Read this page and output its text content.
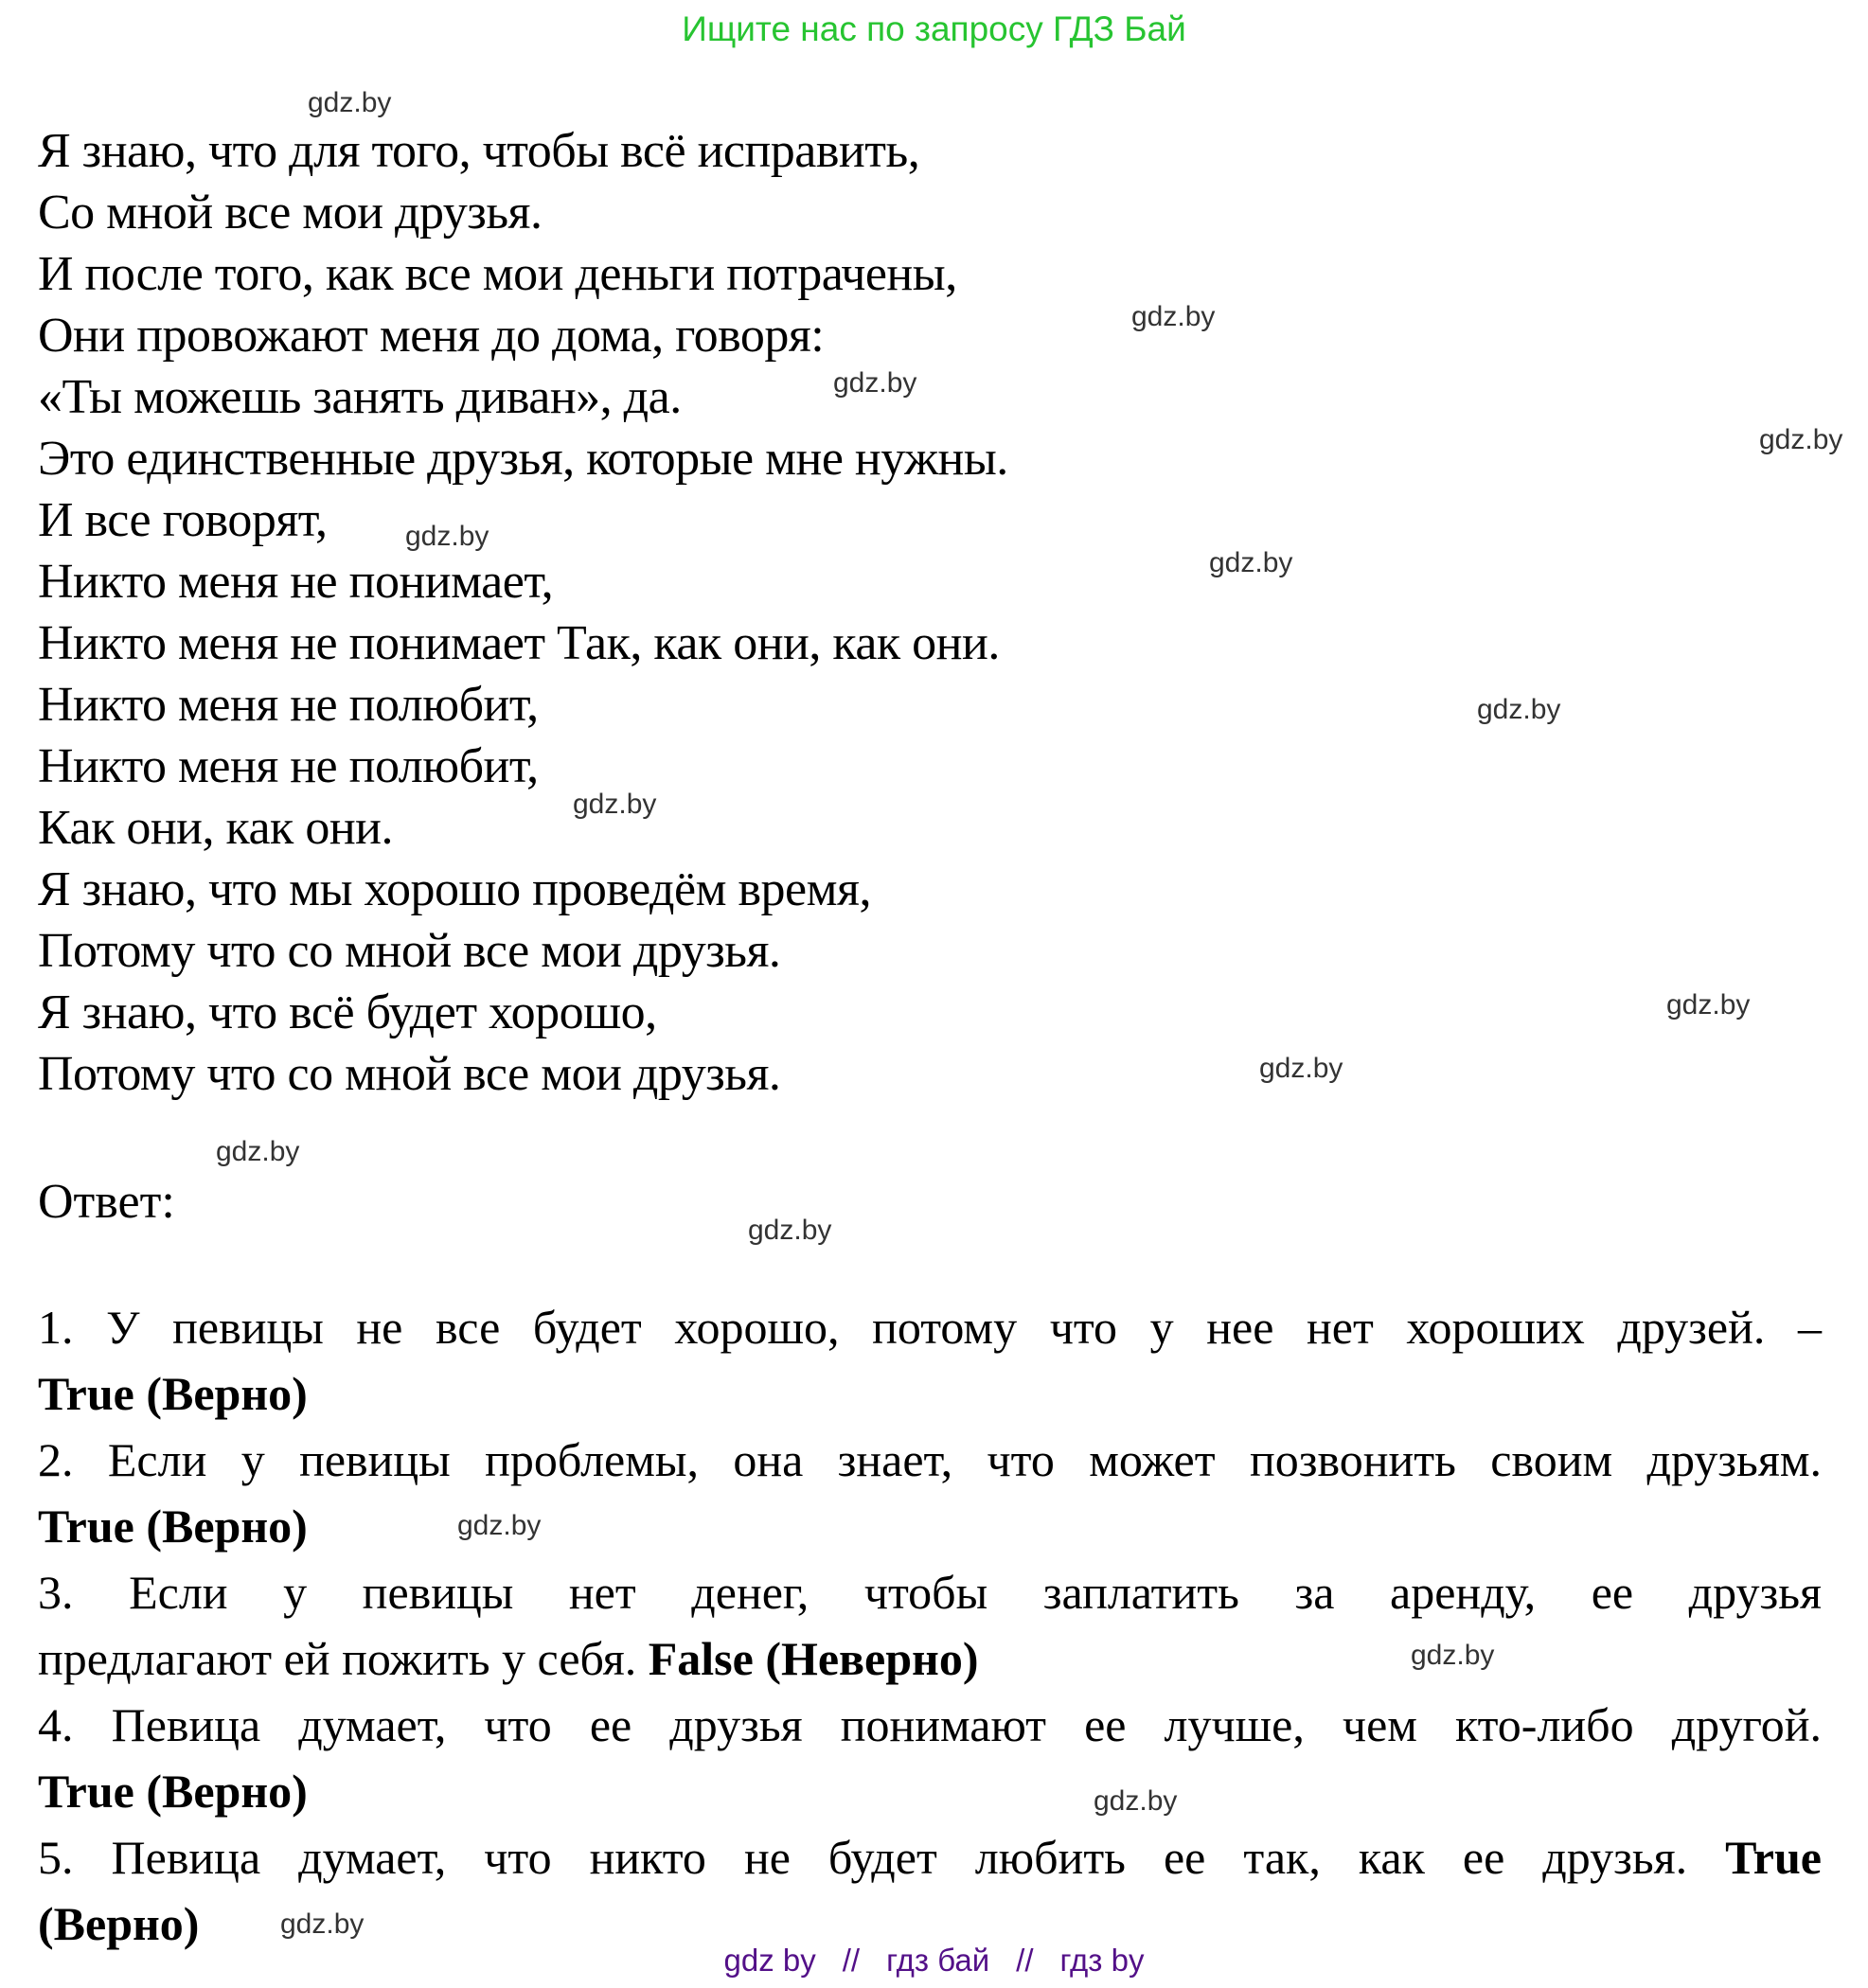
Ищите нас по запросу ГДЗ Бай
Я знаю, что для того, чтобы всё исправить,
Со мной все мои друзья.
И после того, как все мои деньги потрачены,
Они провожают меня до дома, говоря:
«Ты можешь занять диван», да.
Это единственные друзья, которые мне нужны.
И все говорят,
Никто меня не понимает,
Никто меня не понимает Так, как они, как они.
Никто меня не полюбит,
Никто меня не полюбит,
Как они, как они.
Я знаю, что мы хорошо проведём время,
Потому что со мной все мои друзья.
Я знаю, что всё будет хорошо,
Потому что со мной все мои друзья.
Ответ:
1. У певицы не все будет хорошо, потому что у нее нет хороших друзей. –
True (Верно)
2. Если у певицы проблемы, она знает, что может позвонить своим друзьям.
True (Верно)
3. Если у певицы нет денег, чтобы заплатить за аренду, ее друзья
предлагают ей пожить у себя. False (Неверно)
4. Певица думает, что ее друзья понимают ее лучше, чем кто-либо другой.
True (Верно)
5. Певица думает, что никто не будет любить ее так, как ее друзья. True
(Верно)
gdz.by
gdz.by
gdz.by
gdz.by
gdz.by
gdz.by
gdz.by
gdz.by
gdz.by
gdz.by
gdz.by
gdz.by
gdz.by
gdz.by
gdz.by
gdz.by
gdz by // гдз бай // гдз by
